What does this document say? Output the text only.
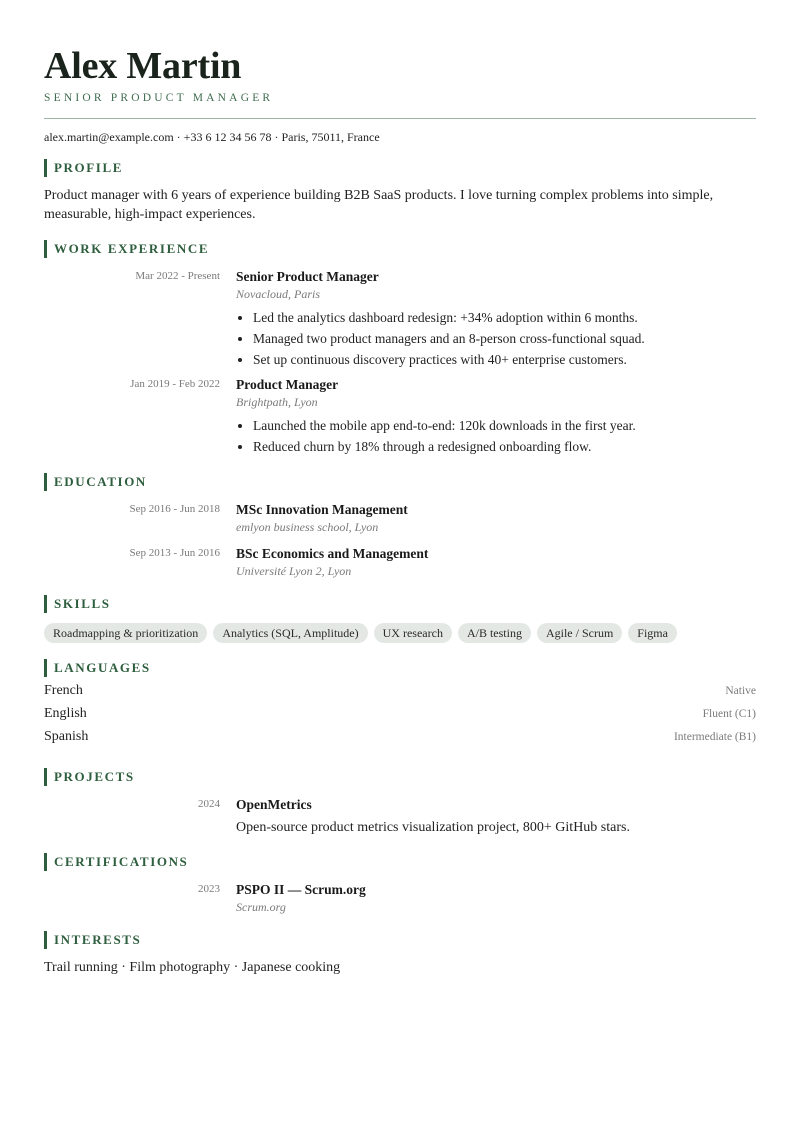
Alex Martin
SENIOR PRODUCT MANAGER
alex.martin@example.com · +33 6 12 34 56 78 · Paris, 75011, France
PROFILE
Product manager with 6 years of experience building B2B SaaS products. I love turning complex problems into simple, measurable, high-impact experiences.
WORK EXPERIENCE
Mar 2022 - Present Senior Product Manager
Novacloud, Paris
• Led the analytics dashboard redesign: +34% adoption within 6 months.
• Managed two product managers and an 8-person cross-functional squad.
• Set up continuous discovery practices with 40+ enterprise customers.
Jan 2019 - Feb 2022 Product Manager
Brightpath, Lyon
• Launched the mobile app end-to-end: 120k downloads in the first year.
• Reduced churn by 18% through a redesigned onboarding flow.
EDUCATION
Sep 2016 - Jun 2018 MSc Innovation Management
emlyon business school, Lyon
Sep 2013 - Jun 2016 BSc Economics and Management
Université Lyon 2, Lyon
SKILLS
Roadmapping & prioritization	Analytics (SQL, Amplitude)	UX research	A/B testing	Agile / Scrum	Figma
LANGUAGES
French	Native
English	Fluent (C1)
Spanish	Intermediate (B1)
PROJECTS
2024 OpenMetrics
Open-source product metrics visualization project, 800+ GitHub stars.
CERTIFICATIONS
2023 PSPO II — Scrum.org
Scrum.org
INTERESTS
Trail running · Film photography · Japanese cooking
